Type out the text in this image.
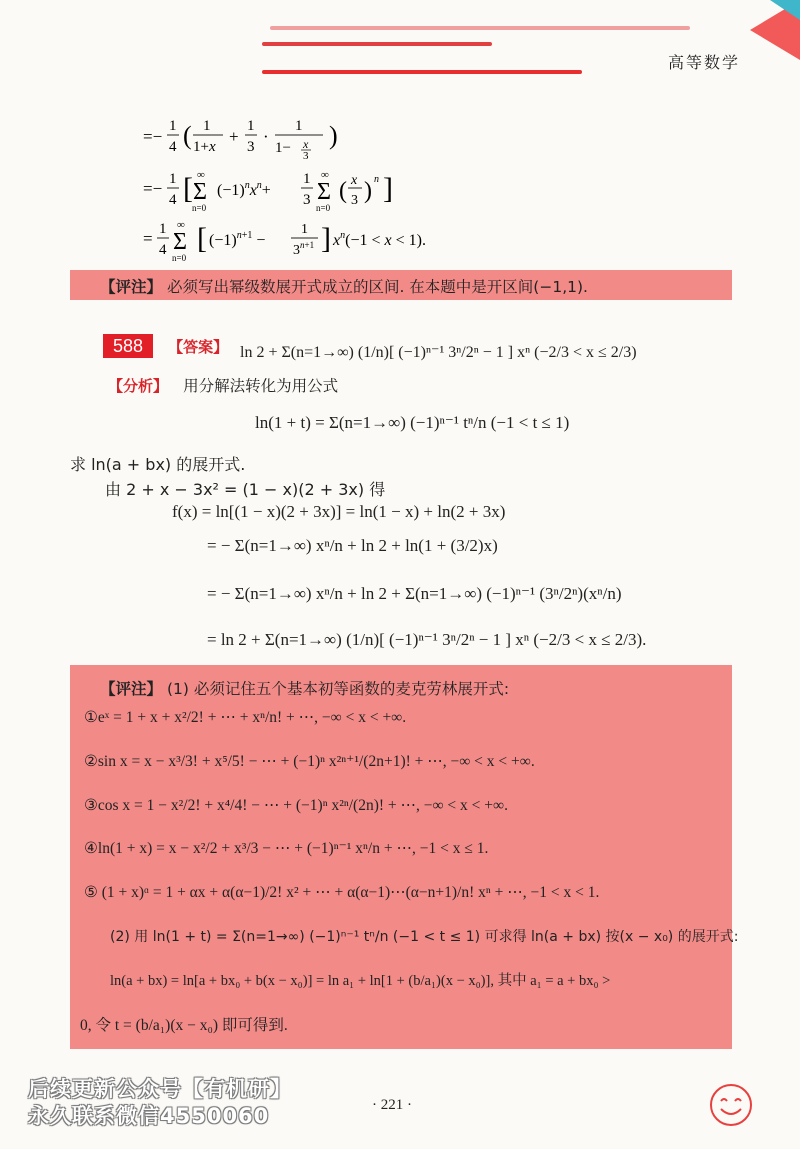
高等数学
=−
1
4 ( 1
1+x
+
1
3
·
1
1− x
3
)
=− 1
4 [ ∞
Σ
n=0
$(-1)^nx^n+$
1
3
∞
Σ
n=0
( x
3 ) n ]
= 1
4
∞
Σ
n=0
[ $(-1)^n+1$ −
1
$3^n+1$ ] $x^n(-1 < x < 1)$.
【评注】 必须写出幂级数展开式成立的区间. 在本题中是开区间(−1,1).
588 【答案】 ln 2 + Σ(n=1→∞) (1/n)[ (−1)ⁿ⁻¹ 3ⁿ/2ⁿ − 1 ] xⁿ (−2/3 < x ≤ 2/3)
【分析】 用分解法转化为用公式
ln(1 + t) = Σ(n=1→∞) (−1)ⁿ⁻¹ tⁿ/n (−1 < t ≤ 1)
求 ln(a + bx) 的展开式.
由 2 + x − 3x² = (1 − x)(2 + 3x) 得
f(x) = ln[(1 − x)(2 + 3x)] = ln(1 − x) + ln(2 + 3x)
= − Σ(n=1→∞) xⁿ/n + ln 2 + ln(1 + (3/2)x)
= − Σ(n=1→∞) xⁿ/n + ln 2 + Σ(n=1→∞) (−1)ⁿ⁻¹ (3ⁿ/2ⁿ)(xⁿ/n)
= ln 2 + Σ(n=1→∞) (1/n)[ (−1)ⁿ⁻¹ 3ⁿ/2ⁿ − 1 ] xⁿ (−2/3 < x ≤ 2/3).
【评注】 (1) 必须记住五个基本初等函数的麦克劳林展开式:
①eˣ = 1 + x + x²/2! + ⋯ + xⁿ/n! + ⋯, −∞ < x < +∞.
②sin x = x − x³/3! + x⁵/5! − ⋯ + (−1)ⁿ x²ⁿ⁺¹/(2n+1)! + ⋯, −∞ < x < +∞.
③cos x = 1 − x²/2! + x⁴/4! − ⋯ + (−1)ⁿ x²ⁿ/(2n)! + ⋯, −∞ < x < +∞.
④ln(1 + x) = x − x²/2 + x³/3 − ⋯ + (−1)ⁿ⁻¹ xⁿ/n + ⋯, −1 < x ≤ 1.
⑤ (1 + x)ᵅ = 1 + αx + α(α−1)/2! x² + ⋯ + α(α−1)⋯(α−n+1)/n! xⁿ + ⋯, −1 < x < 1.
(2) 用 ln(1 + t) = Σ(n=1→∞) (−1)ⁿ⁻¹ tⁿ/n (−1 < t ≤ 1) 可求得 ln(a + bx) 按(x − x₀) 的展开式:
ln(a + bx) = ln[a + bx₀ + b(x − x₀)] = ln a₁ + ln[1 + (b/a₁)(x − x₀)], 其中 a₁ = a + bx₀ >
0, 令 t = (b/a₁)(x − x₀) 即可得到.
后续更新公众号【有机研】
永久联系微信4550060	· 221 ·
